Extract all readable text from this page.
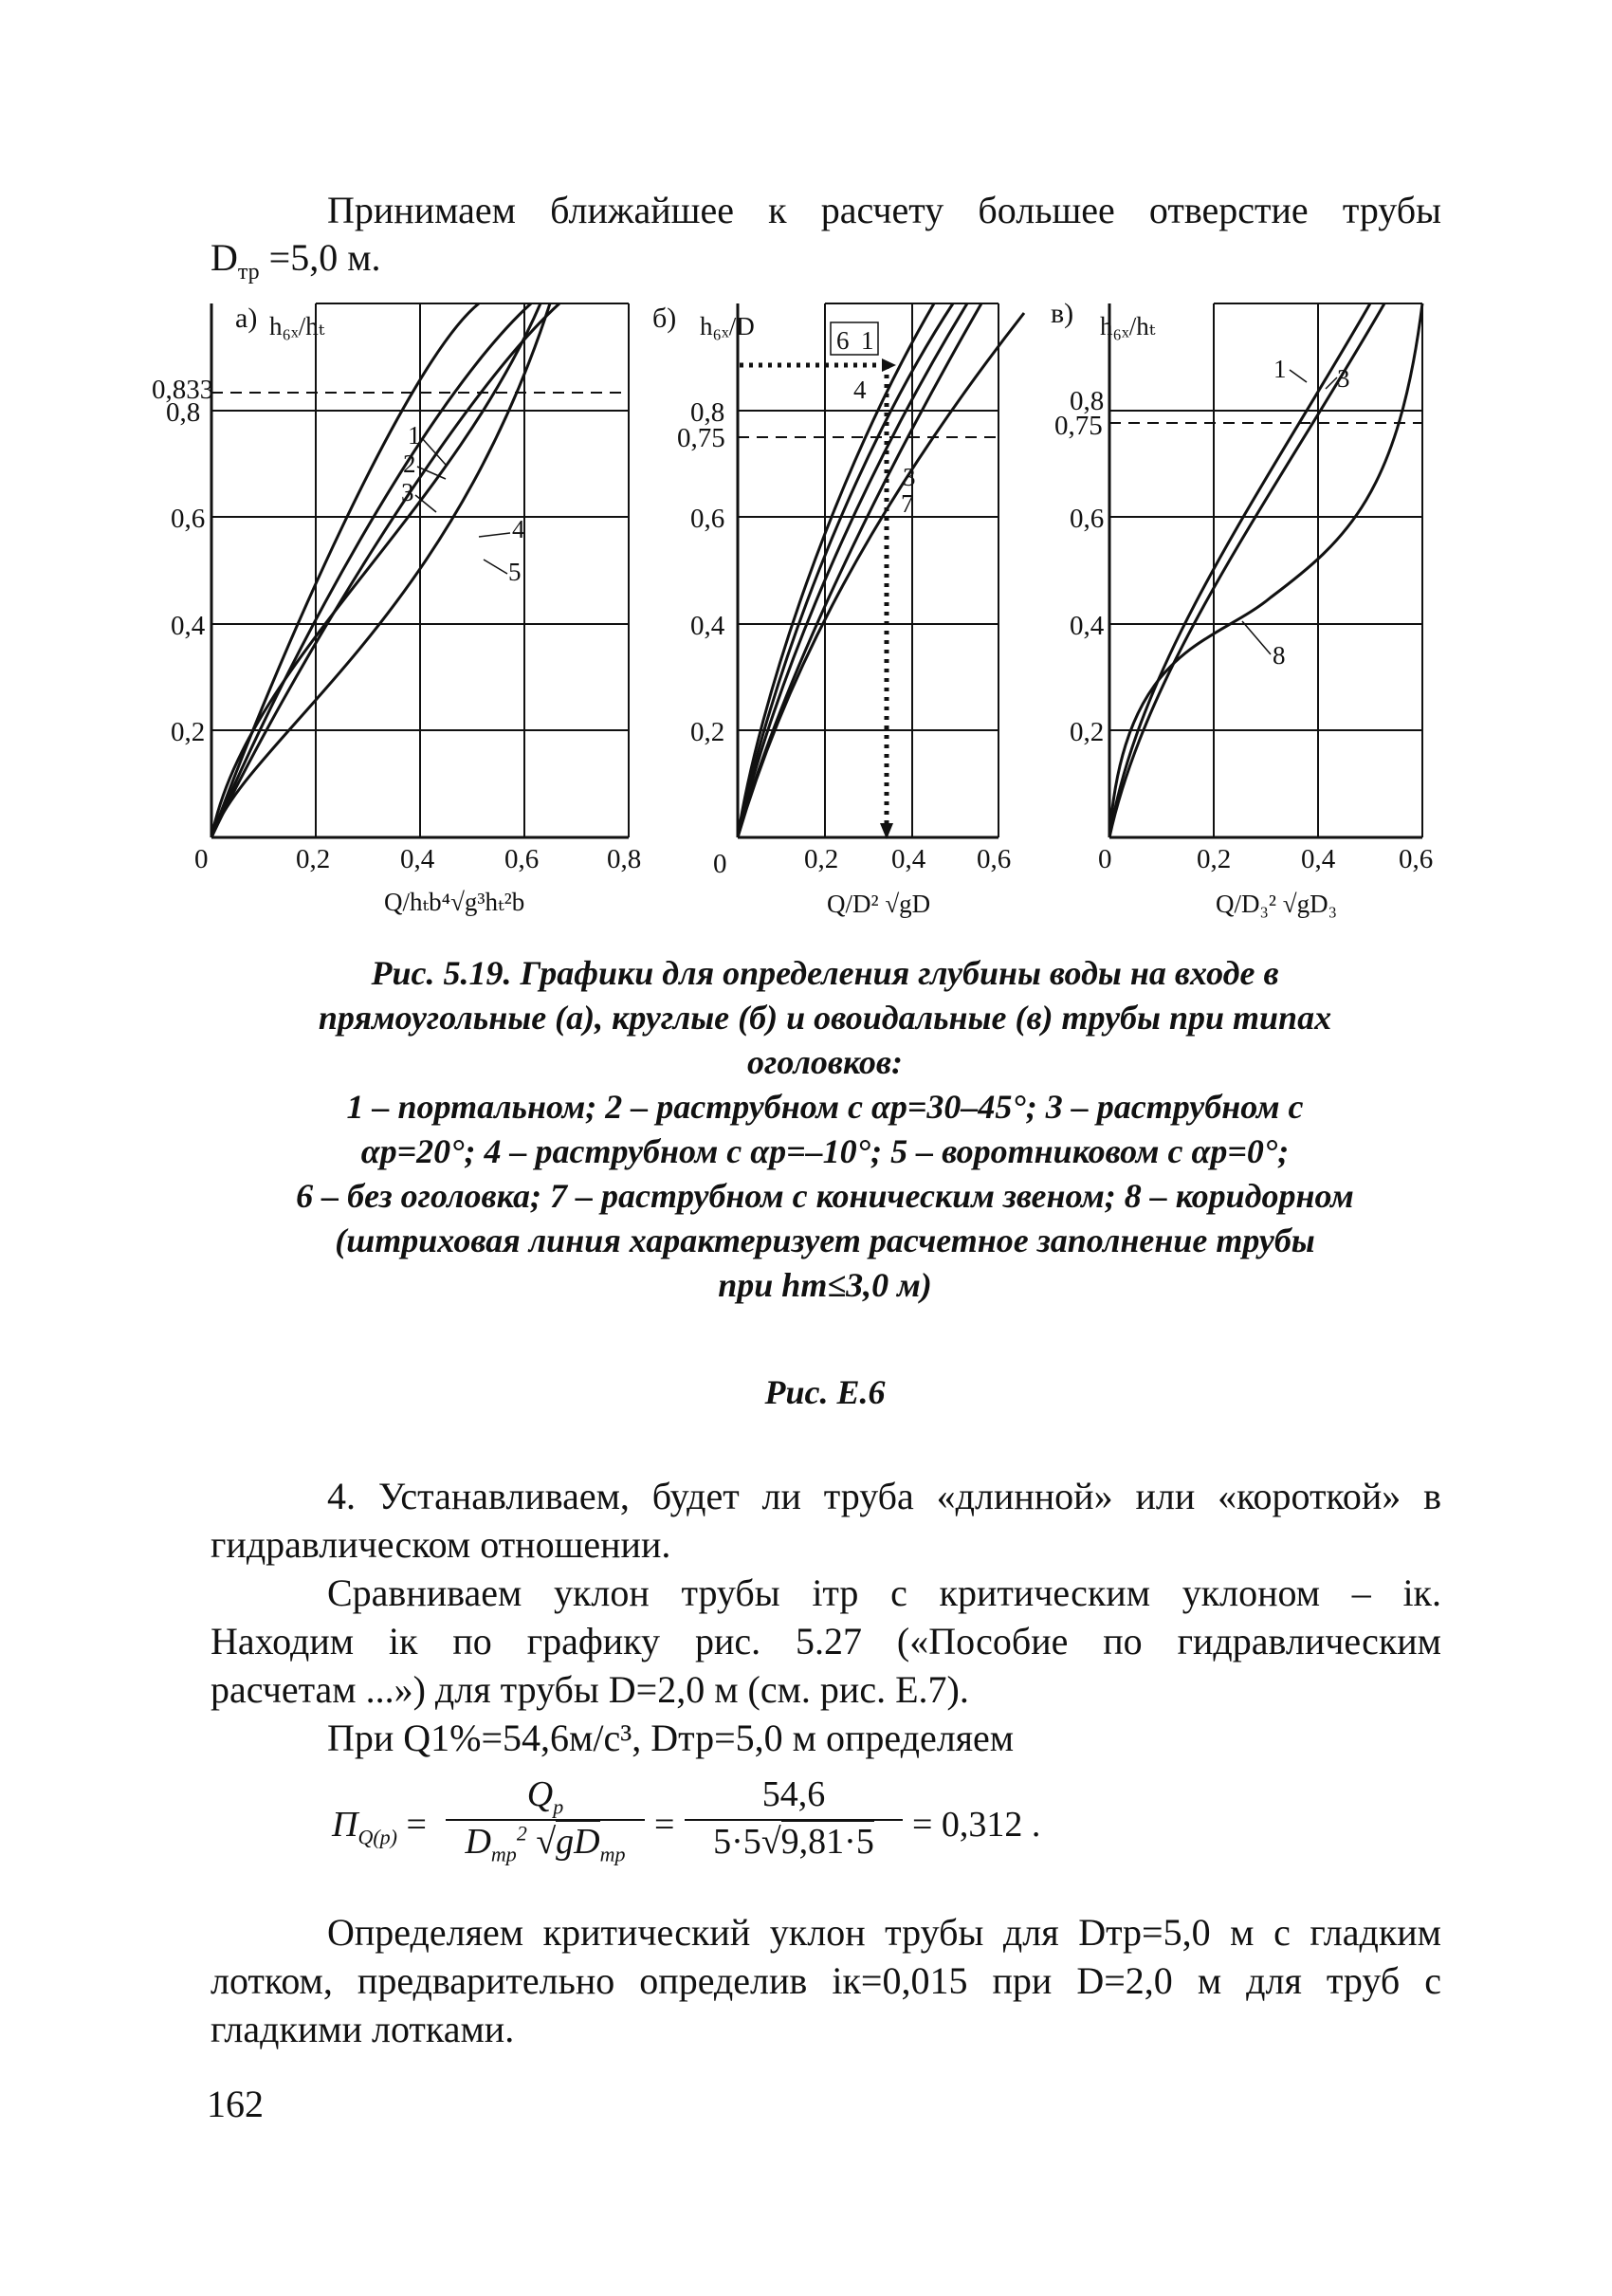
Принимаем ближайшее к расчету большее отверстие трубы
$D_{тр} =5,0$ м.
а) h₆ₓ/hₜ
0,2
0,4
0,6
0,8
0,833
0	0,2	0,4	0,6 0,8
Q/hₜb⁴√g³hₜ²b
1
2
3
4
5
б) h₆ₓ/D
0,2
0,4
0,6
0,75
0,8
0	0,2 0,4 0,6
Q/D² √gD
6 1
4
3
7
в) h₆ₓ/hₜ
0,2
0,4
0,6
0,75
0,8
0	0,2	0,4 0,6
Q/D₃² √gD₃
1 3
8
Рис. 5.19. Графики для определения глубины воды на входе в
прямоугольные (а), круглые (б) и овоидальные (в) трубы при типах
оголовков:
1 – портальном; 2 – раструбном с αр=30–45°; 3 – раструбном с
αр=20°; 4 – раструбном с αр=–10°; 5 – воротниковом с αр=0°;
6 – без оголовка; 7 – раструбном с коническим звеном; 8 – коридорном
(штриховая линия характеризует расчетное заполнение трубы
при hт≤3,0 м)
Рис. Е.6
4. Устанавливаем, будет ли труба «длинной» или «короткой» в
гидравлическом отношении.
Сравниваем уклон трубы iтр с критическим уклоном – iк.
Находим iк по графику рис. 5.27 («Пособие по гидравлическим
расчетам ...») для трубы D=2,0 м (см. рис. Е.7).
При Q1%=54,6м/с³, Dтр=5,0 м определяем
$П_{Q(p)}$ =
$Q_p$
$D_{тр}^2$ $√gD_{тр}$
=
54,6
5·5√9,81·5	= 0,312 .
Определяем критический уклон трубы для Dтр=5,0 м с гладким
лотком, предварительно определив iк=0,015 при D=2,0 м для труб с
гладкими лотками.
162
